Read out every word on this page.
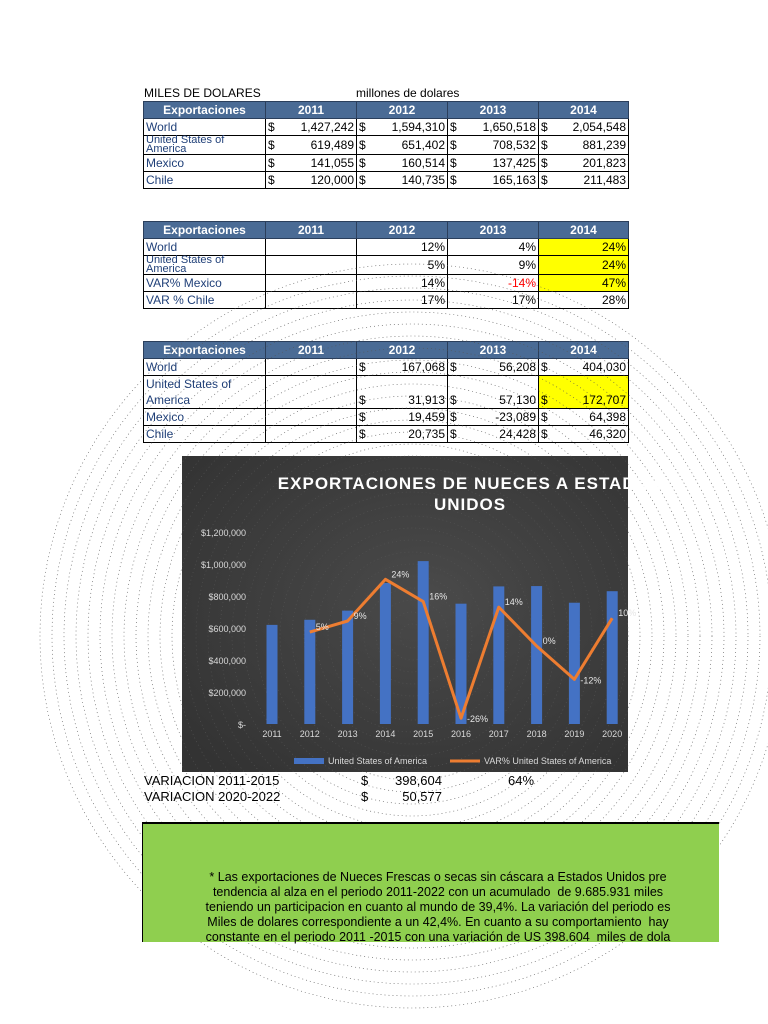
MILES DE DOLARES	millones de dolares
Exportaciones	2011	2012	2013	2014
World	$ 1,427,242	$ 1,594,310	$ 1,650,518	$ 2,054,548
United States of America	$ 619,489	$ 651,402	$ 708,532	$ 881,239
Mexico	$ 141,055	$ 160,514	$ 137,425	$ 201,823
Chile	$ 120,000	$ 140,735	$ 165,163	$ 211,483
Exportaciones	2011	2012	2013	2014
World		12%	4%	24%
United States of America		5%	9%	24%
VAR% Mexico		14%	-14%	47%
VAR % Chile		17%	17%	28%
Exportaciones	2011	2012	2013	2014
World		$ 167,068	$ 56,208	$ 404,030
United States of America		$ 31,913	$ 57,130	$ 172,707
Mexico		$ 19,459	$ -23,089	$ 64,398
Chile		$ 20,735	$ 24,428	$ 46,320
EXPORTACIONES DE NUECES A ESTADOS
UNIDOS
$-
$200,000
$400,000
$600,000
$800,000
$1,000,000
$1,200,000
5%
9%
24%
16%
-26%
14%
0%
-12%
10%
2011 2012 2013 2014 2015 2016 2017 2018 2019 2020
United States of America	VAR% United States of America
VARIACION 2011-2015	$	398,604	64%
VARIACION 2020-2022	$	50,577

* Las exportaciones de Nueces Frescas o secas sin cáscara a Estados Unidos pre
tendencia al alza en el periodo 2011-2022 con un acumulado  de 9.685.931 miles
teniendo un participacion en cuanto al mundo de 39,4%. La variación del periodo es
Miles de dolares correspondiente a un 42,4%. En cuanto a su comportamiento  hay
constante en el periodo 2011 -2015 con una variación de US 398.604  miles de dola
